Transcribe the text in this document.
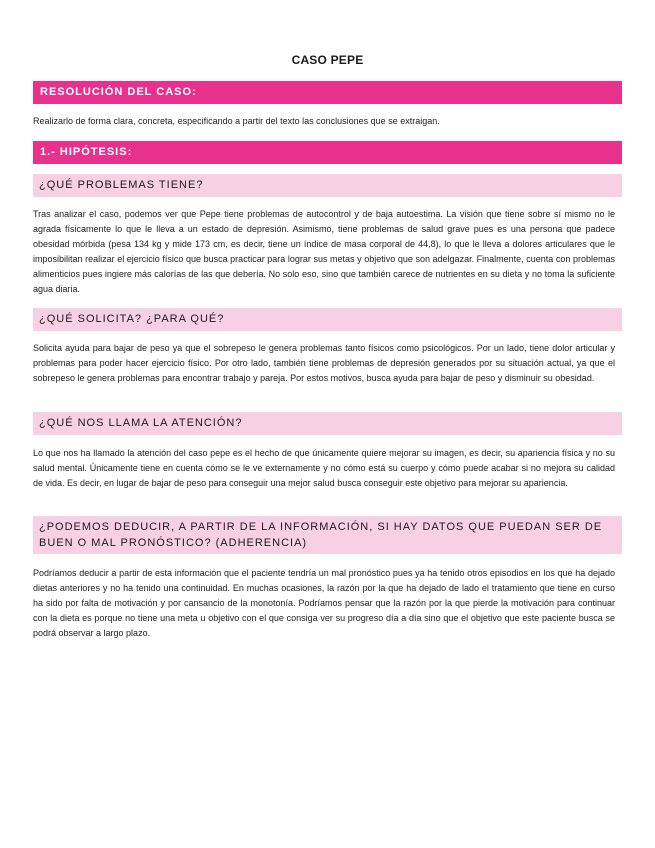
CASO PEPE
RESOLUCIÓN DEL CASO:
Realizarlo de forma clara, concreta, especificando a partir del texto las conclusiones que se extraigan.
1.- HIPÓTESIS:
¿QUÉ PROBLEMAS TIENE?
Tras analizar el caso, podemos ver que Pepe tiene problemas de autocontrol y de baja autoestima. La visión que tiene sobre sí mismo no le agrada físicamente lo que le lleva a un estado de depresión. Asimismo, tiene problemas de salud grave pues es una persona que padece obesidad mórbida (pesa 134 kg y mide 173 cm, es decir, tiene un índice de masa corporal de 44,8), lo que le lleva a dolores articulares que le imposibilitan realizar el ejercicio físico que busca practicar para lograr sus metas y objetivo que son adelgazar. Finalmente, cuenta con problemas alimenticios pues ingiere más calorías de las que debería. No solo eso, sino que también carece de nutrientes en su dieta y no toma la suficiente agua diaria.
¿QUÉ SOLICITA? ¿PARA QUÉ?
Solicita ayuda para bajar de peso ya que el sobrepeso le genera problemas tanto físicos como psicológicos. Por un lado, tiene dolor articular y problemas para poder hacer ejercicio físico. Por otro lado, también tiene problemas de depresión generados por su situación actual, ya que el sobrepeso le genera problemas para encontrar trabajo y pareja. Por estos motivos, busca ayuda para bajar de peso y disminuir su obesidad.
¿QUÉ NOS LLAMA LA ATENCIÓN?
Lo que nos ha llamado la atención del caso pepe es el hecho de que únicamente quiere mejorar su imagen, es decir, su apariencia física y no su salud mental. Únicamente tiene en cuenta cómo se le ve externamente y no cómo está su cuerpo y cómo puede acabar si no mejora su calidad de vida. Es decir, en lugar de bajar de peso para conseguir una mejor salud busca conseguir este objetivo para mejorar su apariencia.
¿PODEMOS DEDUCIR, A PARTIR DE LA INFORMACIÓN, SI HAY DATOS QUE PUEDAN SER DE BUEN O MAL PRONÓSTICO? (ADHERENCIA)
Podríamos deducir a partir de esta información que el paciente tendría un mal pronóstico pues ya ha tenido otros episodios en los que ha dejado dietas anteriores y no ha tenido una continuidad. En muchas ocasiones, la razón por la que ha dejado de lado el tratamiento que tiene en curso ha sido por falta de motivación y por cansancio de la monotonía. Podríamos pensar que la razón por la que pierde la motivación para continuar con la dieta es porque no tiene una meta u objetivo con el que consiga ver su progreso día a día sino que el objetivo que este paciente busca se podrá observar a largo plazo.
